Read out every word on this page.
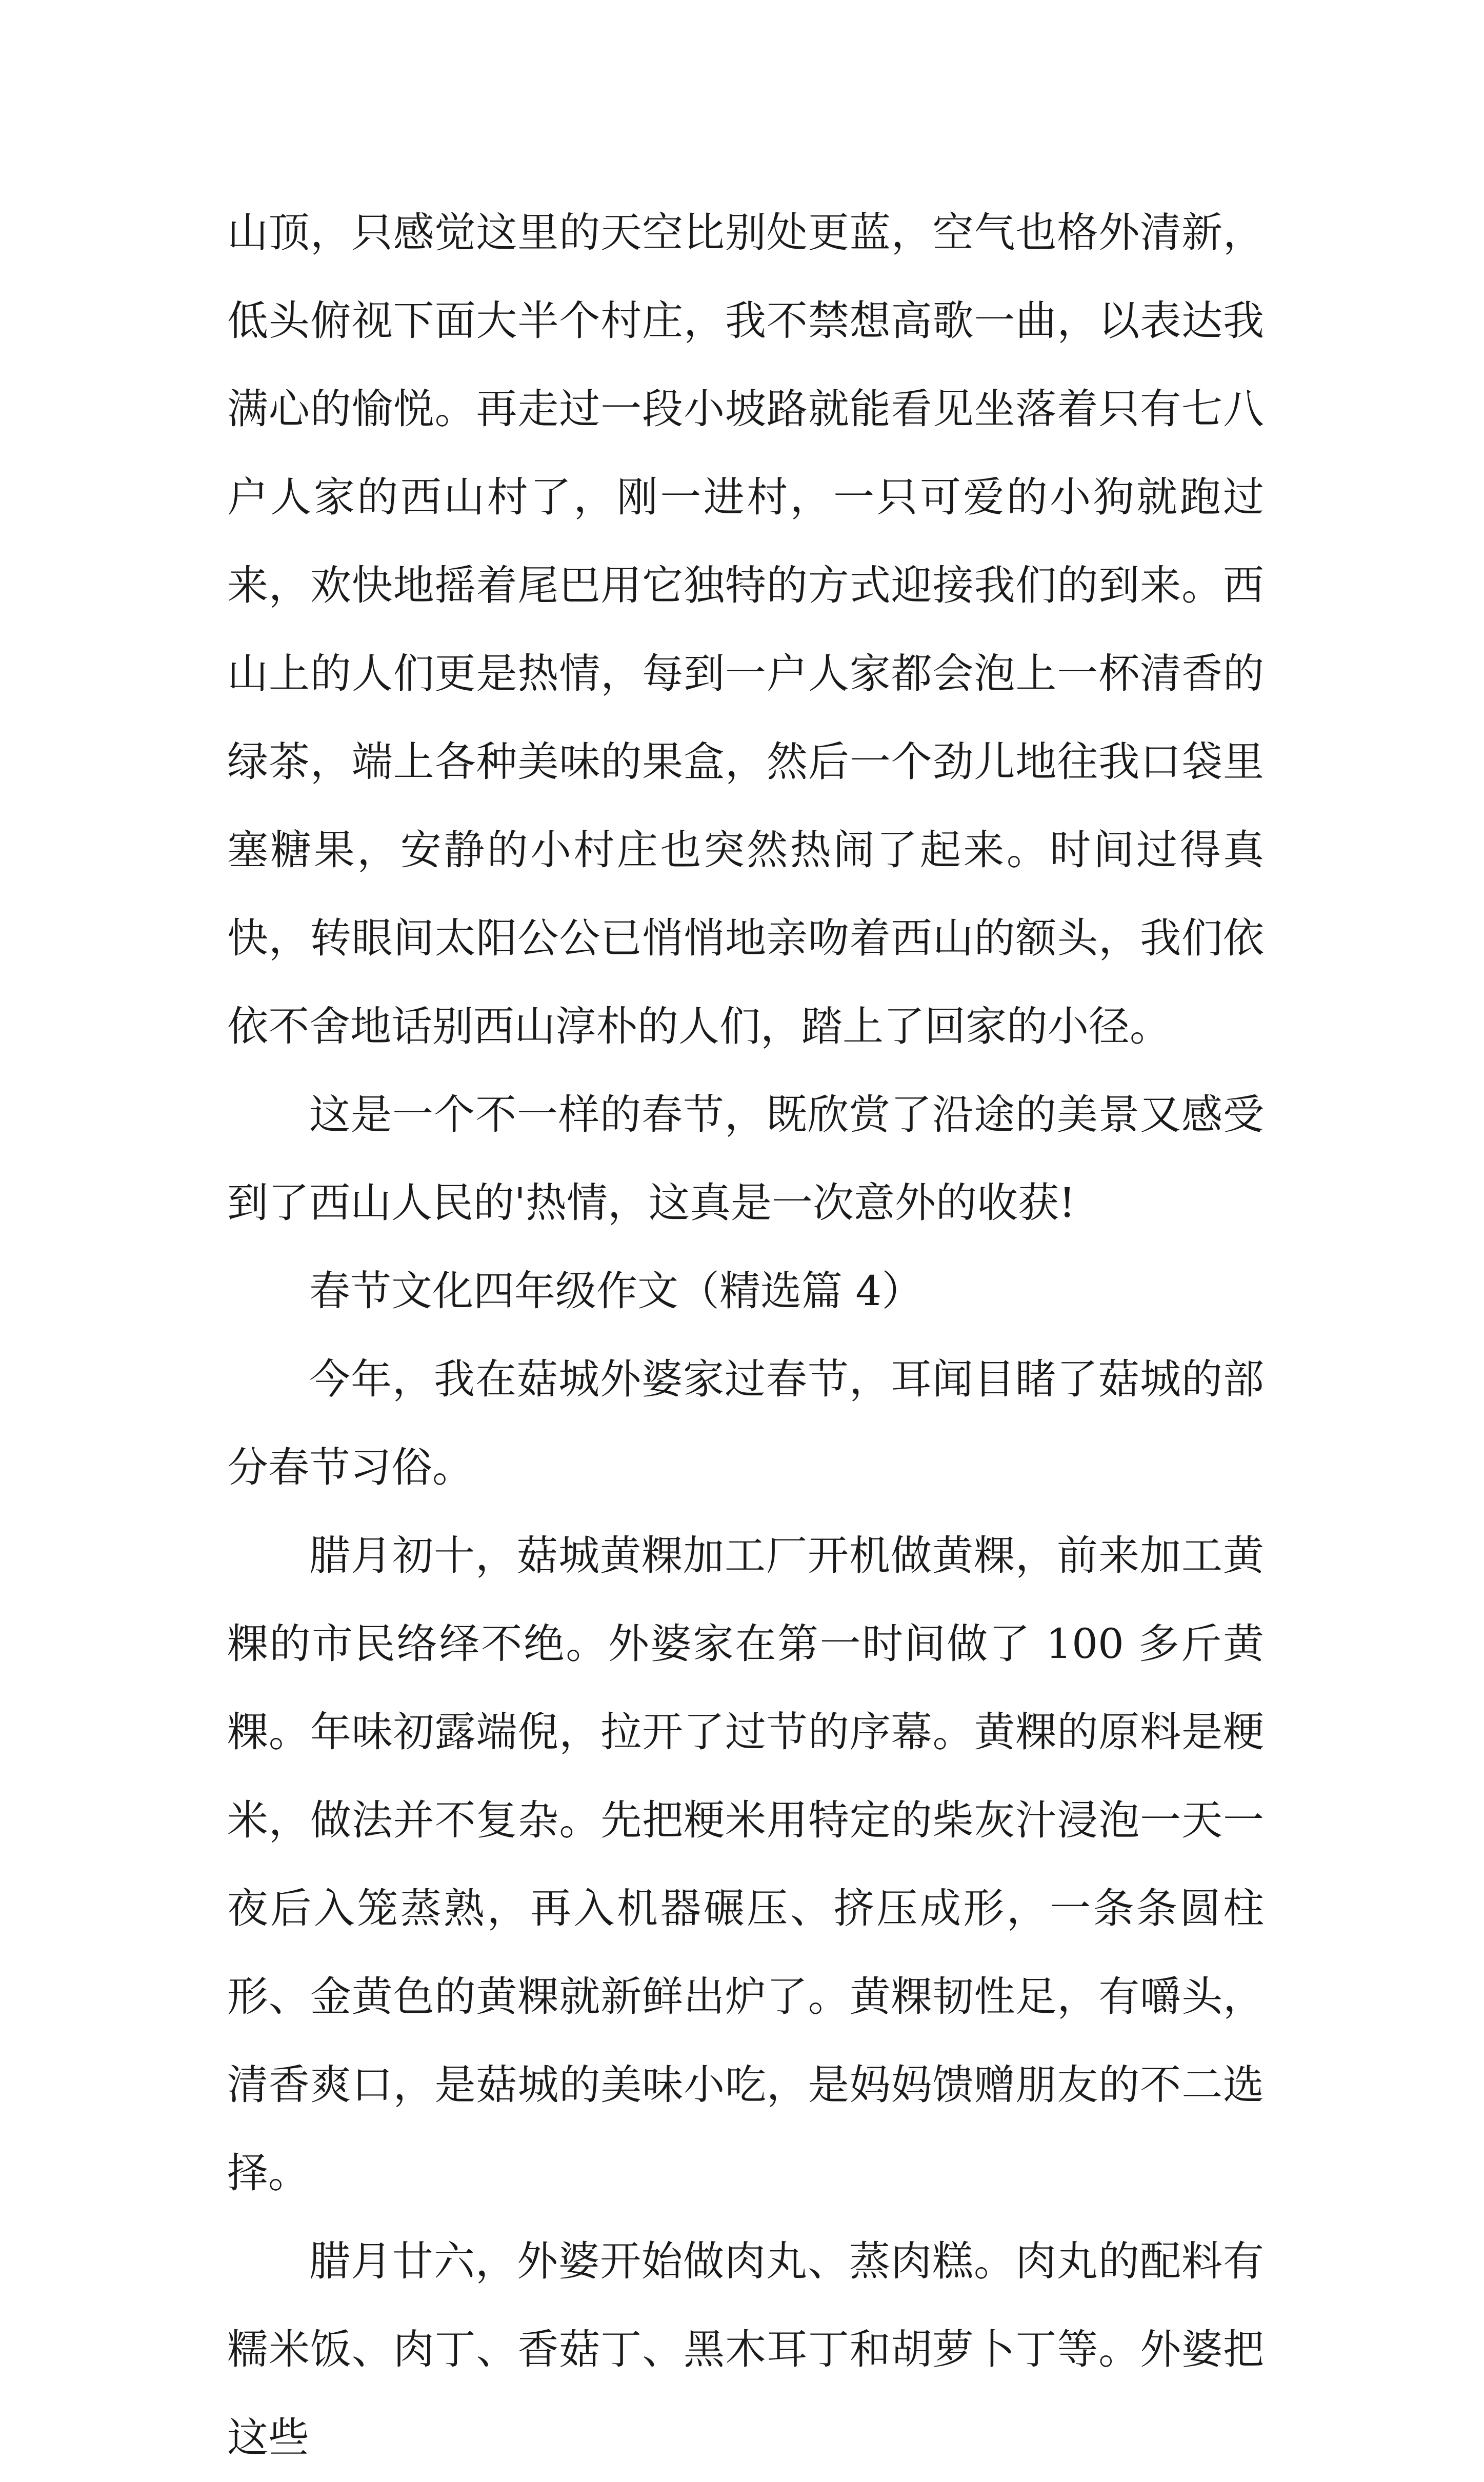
山顶，只感觉这里的天空比别处更蓝，空气也格外清新，低头俯视下面大半个村庄，我不禁想高歌一曲，以表达我满心的愉悦。再走过一段小坡路就能看见坐落着只有七八户人家的西山村了，刚一进村，一只可爱的小狗就跑过来，欢快地摇着尾巴用它独特的方式迎接我们的到来。西山上的人们更是热情，每到一户人家都会泡上一杯清香的绿茶，端上各种美味的果盒，然后一个劲儿地往我口袋里塞糖果，安静的小村庄也突然热闹了起来。时间过得真快，转眼间太阳公公已悄悄地亲吻着西山的额头，我们依依不舍地话别西山淳朴的人们，踏上了回家的小径。

这是一个不一样的春节，既欣赏了沿途的美景又感受到了西山人民的'热情，这真是一次意外的收获!

春节文化四年级作文（精选篇 4）

今年，我在菇城外婆家过春节，耳闻目睹了菇城的部分春节习俗。

腊月初十，菇城黄粿加工厂开机做黄粿，前来加工黄粿的市民络绎不绝。外婆家在第一时间做了 100 多斤黄粿。年味初露端倪，拉开了过节的序幕。黄粿的原料是粳米，做法并不复杂。先把粳米用特定的柴灰汁浸泡一天一夜后入笼蒸熟，再入机器碾压、挤压成形，一条条圆柱形、金黄色的黄粿就新鲜出炉了。黄粿韧性足，有嚼头，清香爽口，是菇城的美味小吃，是妈妈馈赠朋友的不二选择。

腊月廿六，外婆开始做肉丸、蒸肉糕。肉丸的配料有糯米饭、肉丁、香菇丁、黑木耳丁和胡萝卜丁等。外婆把这些
